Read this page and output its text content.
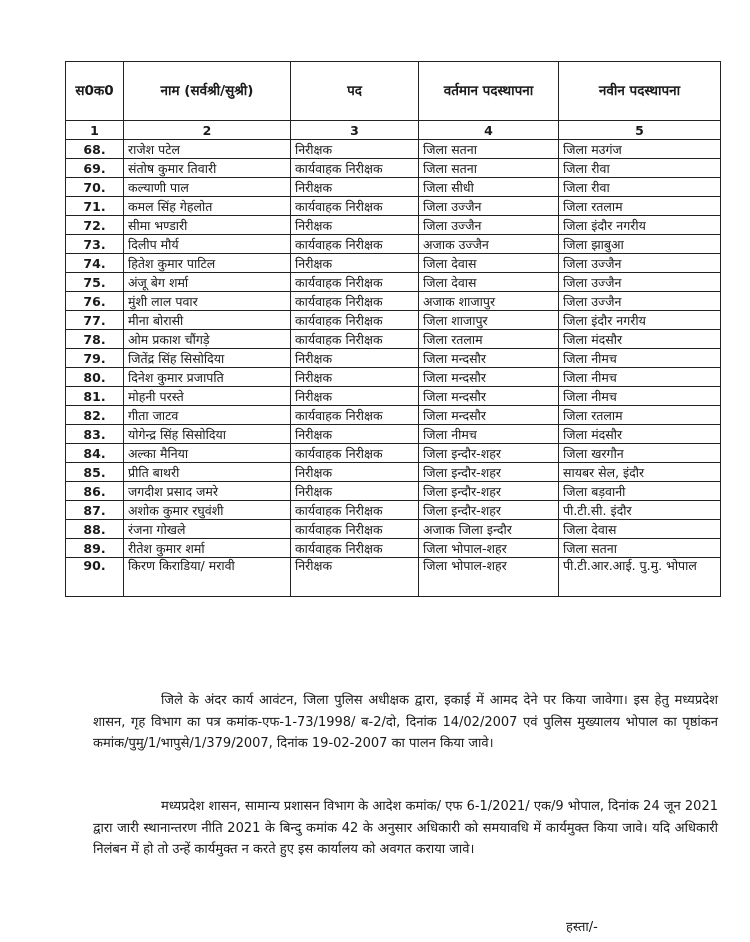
स0क0	नाम (सर्वश्री/सुश्री)	पद	वर्तमान पदस्थापना	नवीन पदस्थापना
1	2	3	4	5
68.	राजेश पटेल	निरीक्षक	जिला सतना	जिला मउगंज
69.	संतोष कुमार तिवारी	कार्यवाहक निरीक्षक	जिला सतना	जिला रीवा
70.	कल्याणी पाल	निरीक्षक	जिला सीधी	जिला रीवा
71.	कमल सिंह गेहलोत	कार्यवाहक निरीक्षक	जिला उज्जैन	जिला रतलाम
72.	सीमा भण्डारी	निरीक्षक	जिला उज्जैन	जिला इंदौर नगरीय
73.	दिलीप मौर्य	कार्यवाहक निरीक्षक	अजाक उज्जैन	जिला झाबुआ
74.	हितेश कुमार पाटिल	निरीक्षक	जिला देवास	जिला उज्जैन
75.	अंजू बेग शर्मा	कार्यवाहक निरीक्षक	जिला देवास	जिला उज्जैन
76.	मुंशी लाल पवार	कार्यवाहक निरीक्षक	अजाक शाजापुर	जिला उज्जैन
77.	मीना बोरासी	कार्यवाहक निरीक्षक	जिला शाजापुर	जिला इंदौर नगरीय
78.	ओम प्रकाश चौंगड़े	कार्यवाहक निरीक्षक	जिला रतलाम	जिला मंदसौर
79.	जितेंद्र सिंह सिसोदिया	निरीक्षक	जिला मन्दसौर	जिला नीमच
80.	दिनेश कुमार प्रजापति	निरीक्षक	जिला मन्दसौर	जिला नीमच
81.	मोहनी परस्ते	निरीक्षक	जिला मन्दसौर	जिला नीमच
82.	गीता जाटव	कार्यवाहक निरीक्षक	जिला मन्दसौर	जिला रतलाम
83.	योगेन्द्र सिंह सिसोदिया	निरीक्षक	जिला नीमच	जिला मंदसौर
84.	अल्का मैनिया	कार्यवाहक निरीक्षक	जिला इन्दौर-शहर	जिला खरगौन
85.	प्रीति बाथरी	निरीक्षक	जिला इन्दौर-शहर	सायबर सेल, इंदौर
86.	जगदीश प्रसाद जमरे	निरीक्षक	जिला इन्दौर-शहर	जिला बड़वानी
87.	अशोक कुमार रघुवंशी	कार्यवाहक निरीक्षक	जिला इन्दौर-शहर	पी.टी.सी. इंदौर
88.	रंजना गोखले	कार्यवाहक निरीक्षक	अजाक जिला इन्दौर	जिला देवास
89.	रीतेश कुमार शर्मा	कार्यवाहक निरीक्षक	जिला भोपाल-शहर	जिला सतना
90.	किरण किराडिया/ मरावी	निरीक्षक	जिला भोपाल-शहर	पी.टी.आर.आई. पु.मु. भोपाल

जिले के अंदर कार्य आवंटन, जिला पुलिस अधीक्षक द्वारा, इकाई में आमद देने पर किया जावेगा। इस हेतु मध्यप्रदेश शासन, गृह विभाग का पत्र कमांक-एफ-1-73/1998/ ब-2/दो, दिनांक 14/02/2007 एवं पुलिस मुख्यालय भोपाल का पृष्ठांकन कमांक/पुमु/1/भापुसे/1/379/2007, दिनांक 19-02-2007 का पालन किया जावे।

मध्यप्रदेश शासन, सामान्य प्रशासन विभाग के आदेश कमांक/ एफ 6-1/2021/ एक/9 भोपाल, दिनांक 24 जून 2021 द्वारा जारी स्थानान्तरण नीति 2021 के बिन्दु कमांक 42 के अनुसार अधिकारी को समयावधि में कार्यमुक्त किया जावे। यदि अधिकारी निलंबन में हो तो उन्हें कार्यमुक्त न करते हुए इस कार्यालय को अवगत कराया जावे।

हस्ता/-
